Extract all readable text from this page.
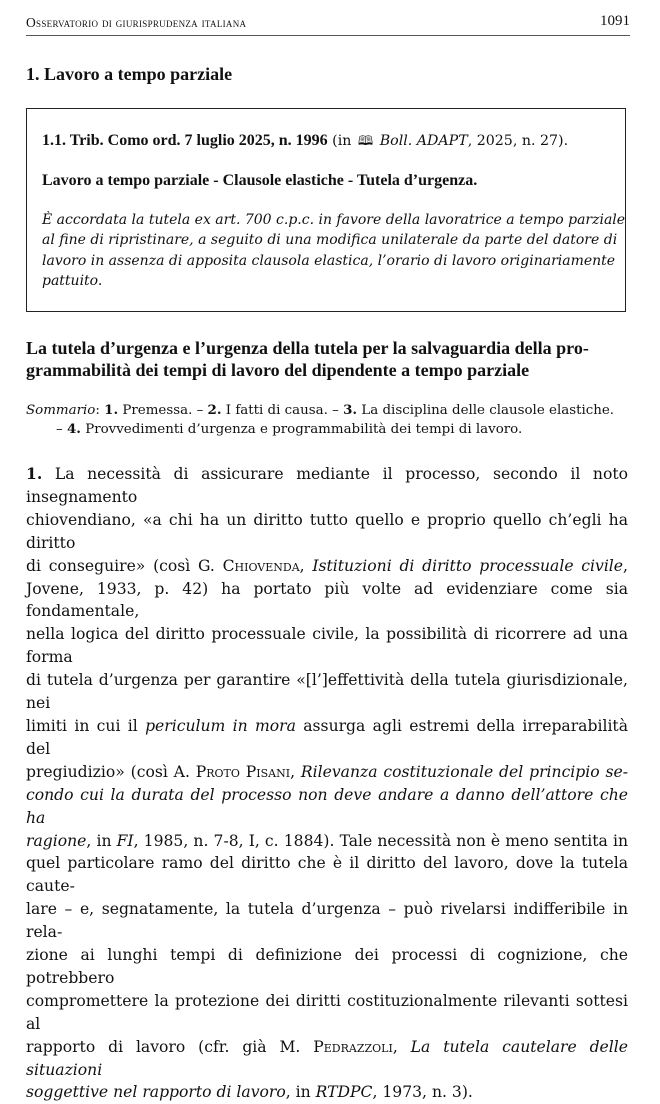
Osservatorio di giurisprudenza italiana	1091
1. Lavoro a tempo parziale
1.1. Trib. Como ord. 7 luglio 2025, n. 1996 (in 🕮 Boll. ADAPT, 2025, n. 27).
Lavoro a tempo parziale - Clausole elastiche - Tutela d’urgenza.
È accordata la tutela ex art. 700 c.p.c. in favore della lavoratrice a tempo parziale
al fine di ripristinare, a seguito di una modifica unilaterale da parte del datore di
lavoro in assenza di apposita clausola elastica, l’orario di lavoro originariamente
pattuito.
La tutela d’urgenza e l’urgenza della tutela per la salvaguardia della pro-
grammabilità dei tempi di lavoro del dipendente a tempo parziale
Sommario: 1. Premessa. – 2. I fatti di causa. – 3. La disciplina delle clausole elastiche.
– 4. Provvedimenti d’urgenza e programmabilità dei tempi di lavoro.
1. La necessità di assicurare mediante il processo, secondo il noto insegnamento
chiovendiano, «a chi ha un diritto tutto quello e proprio quello ch’egli ha diritto
di conseguire» (così G. Chiovenda, Istituzioni di diritto processuale civile,
Jovene, 1933, p. 42) ha portato più volte ad evidenziare come sia fondamentale,
nella logica del diritto processuale civile, la possibilità di ricorrere ad una forma
di tutela d’urgenza per garantire «[l’]effettività della tutela giurisdizionale, nei
limiti in cui il periculum in mora assurga agli estremi della irreparabilità del
pregiudizio» (così A. Proto Pisani, Rilevanza costituzionale del principio se-
condo cui la durata del processo non deve andare a danno dell’attore che ha
ragione, in FI, 1985, n. 7-8, I, c. 1884). Tale necessità non è meno sentita in
quel particolare ramo del diritto che è il diritto del lavoro, dove la tutela caute-
lare – e, segnatamente, la tutela d’urgenza – può rivelarsi indifferibile in rela-
zione ai lunghi tempi di definizione dei processi di cognizione, che potrebbero
compromettere la protezione dei diritti costituzionalmente rilevanti sottesi al
rapporto di lavoro (cfr. già M. Pedrazzoli, La tutela cautelare delle situazioni
soggettive nel rapporto di lavoro, in RTDPC, 1973, n. 3).
